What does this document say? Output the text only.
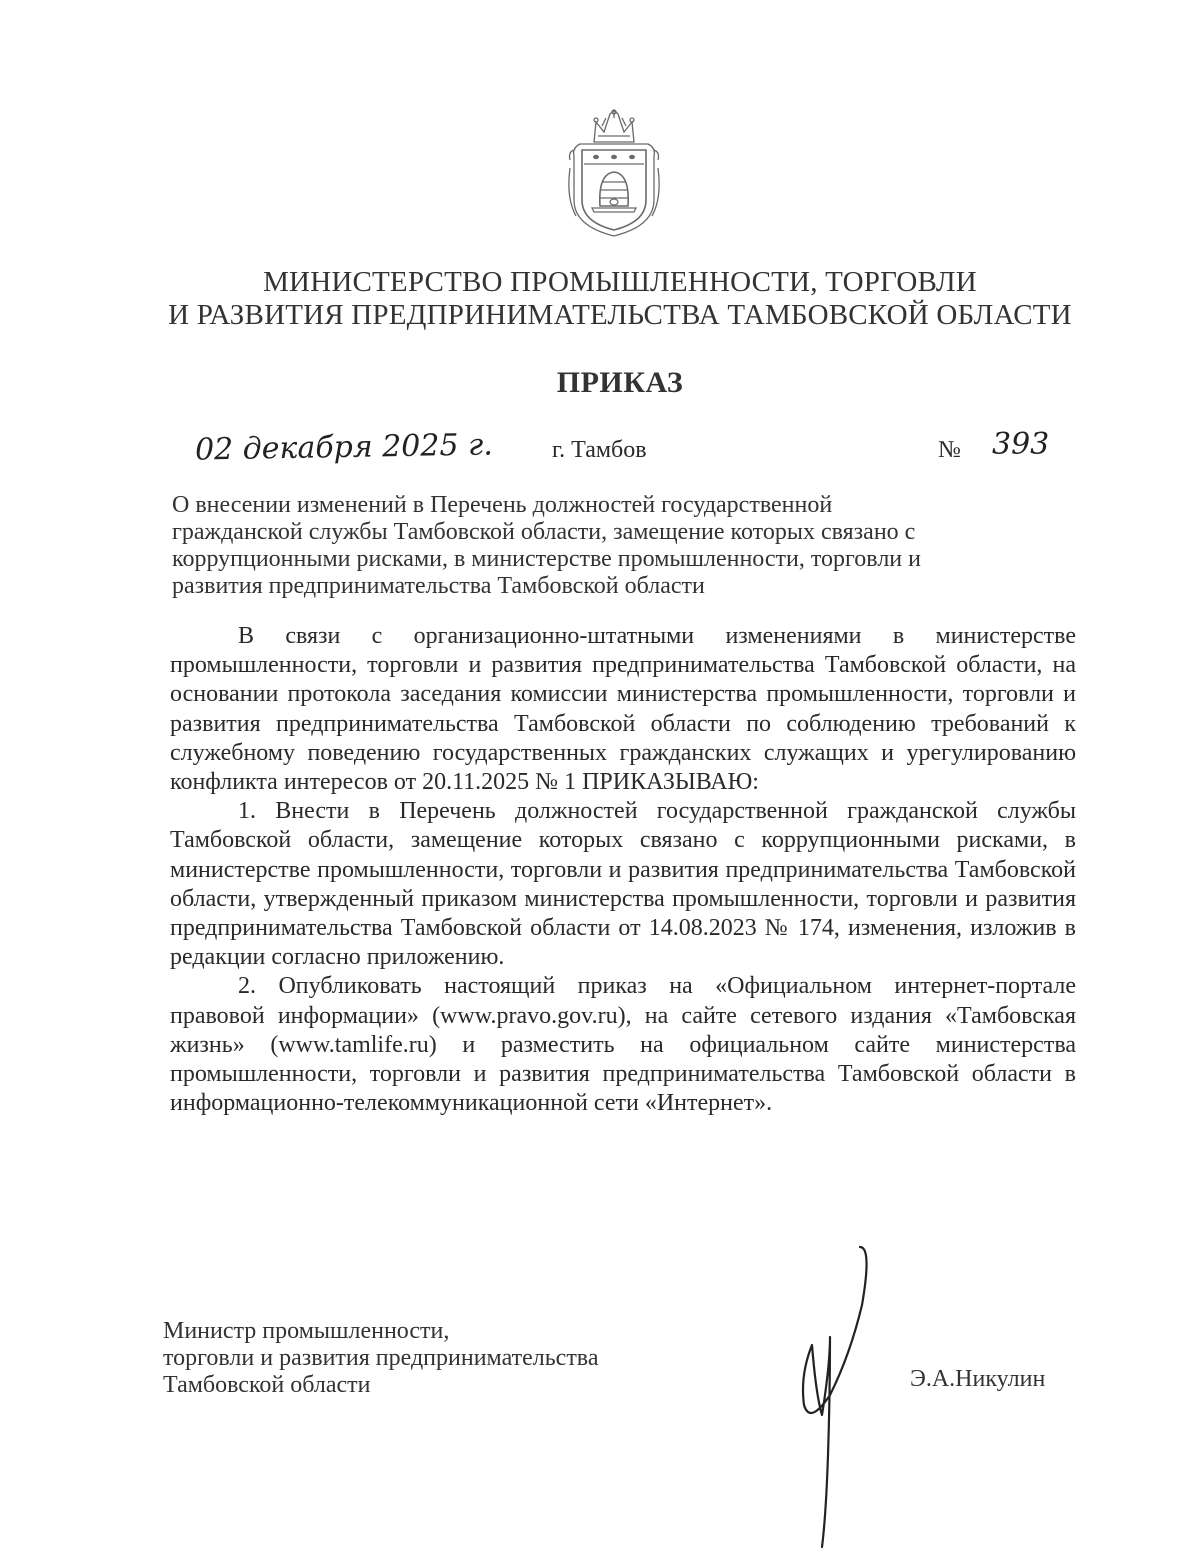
МИНИСТЕРСТВО ПРОМЫШЛЕННОСТИ, ТОРГОВЛИ
И РАЗВИТИЯ ПРЕДПРИНИМАТЕЛЬСТВА ТАМБОВСКОЙ ОБЛАСТИ
ПРИКАЗ
02 декабря 2025 г. г. Тамбов	№ 393
О внесении изменений в Перечень должностей государственной
гражданской службы Тамбовской области, замещение которых связано с
коррупционными рисками, в министерстве промышленности, торговли и
развития предпринимательства Тамбовской области

В связи с организационно-штатными изменениями в министерстве промышленности, торговли и развития предпринимательства Тамбовской области, на основании протокола заседания комиссии министерства промышленности, торговли и развития предпринимательства Тамбовской области по соблюдению требований к служебному поведению государственных гражданских служащих и урегулированию конфликта интересов от 20.11.2025 № 1 ПРИКАЗЫВАЮ:

1. Внести в Перечень должностей государственной гражданской службы Тамбовской области, замещение которых связано с коррупционными рисками, в министерстве промышленности, торговли и развития предпринимательства Тамбовской области, утвержденный приказом министерства промышленности, торговли и развития предпринимательства Тамбовской области от 14.08.2023 № 174, изменения, изложив в редакции согласно приложению.

2. Опубликовать настоящий приказ на «Официальном интернет-портале правовой информации» (www.pravo.gov.ru), на сайте сетевого издания «Тамбовская жизнь» (www.tamlife.ru) и разместить на официальном сайте министерства промышленности, торговли и развития предпринимательства Тамбовской области в информационно-телекоммуникационной сети «Интернет».

Министр промышленности,
торговли и развития предпринимательства
Тамбовской области	Э.А.Никулин
